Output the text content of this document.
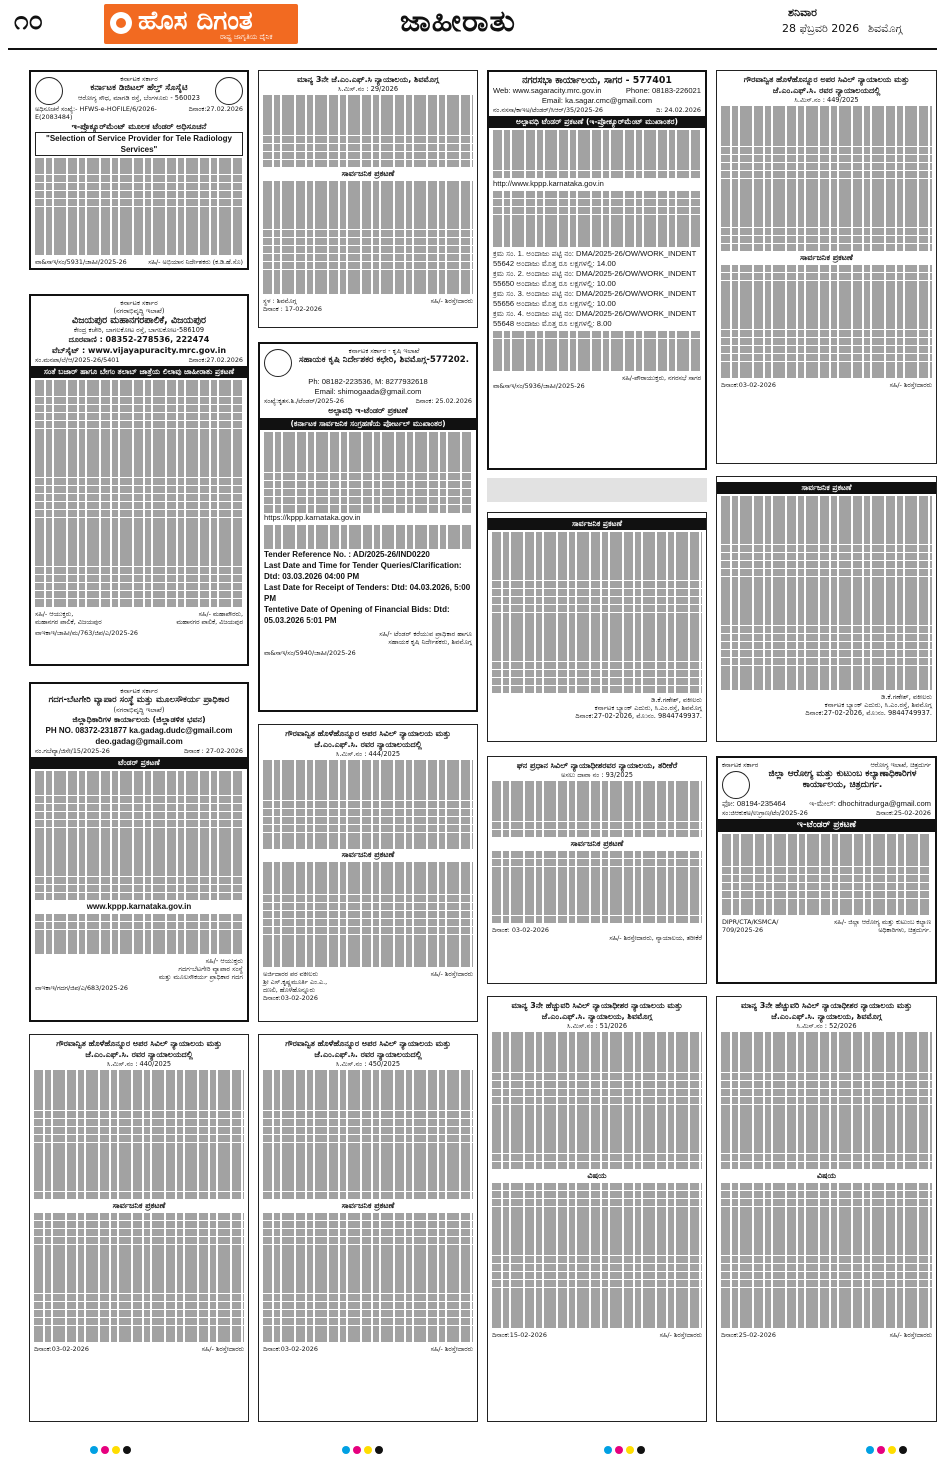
೧೦	ಹೊಸ ದಿಗಂತ
ರಾಷ್ಟ್ರ ಜಾಗೃತಿಯ ದೈನಿಕ	ಜಾಹೀರಾತು	ಶನಿವಾರ
28 ಫೆಬ್ರವರಿ 2026 ಶಿವಮೊಗ್ಗ
ಕರ್ನಾಟಕ ಸರ್ಕಾರ
ಕರ್ನಾಟಕ ಡಿಜಿಟಲ್ ಹೆಲ್ತ್ ಸೊಸೈಟಿ
ಆರೋಗ್ಯ ಸೌಧ, ಮಾಗಡಿ ರಸ್ತೆ, ಬೆಂಗಳೂರು - 560023
ಅಧಿಸೂಚನೆ ಸಂಖ್ಯೆ:- HFWS-e-HOFILE/6/2026-E(2083484)
ದಿನಾಂಕ:27.02.2026
ಇ-ಪ್ರೊಕ್ಯೂರ್‌ಮೆಂಟ್ ಮೂಲಕ ಟೆಂಡರ್ ಅಧಿಸೂಚನೆ
"Selection of Service Provider for Tele Radiology Services"
ವಾ&ಸಾಇ/ಸಂ/5931/ಜಾಹೀ/2025-26	ಸಹಿ/- ಅಭಿಯಾನ ನಿರ್ದೇಶಕರು (ಕ.ಡಿ.ಹೆ.ಸೊ)
ಕರ್ನಾಟಕ ಸರ್ಕಾರ
(ನಗರಾಭಿವೃದ್ಧಿ ಇಲಾಖೆ)
ವಿಜಯಪುರ ಮಹಾನಗರಪಾಲಿಕೆ, ವಿಜಯಪುರ
ಕೇಂದ್ರ ಕಚೇರಿ, ಬಾಗಲಕೋಟ ರಸ್ತೆ, ಬಾಗಲಕೋಟ-586109
ದೂರವಾಣಿ : 08352-278536, 222474
ವೆಬ್‌ಸೈಟ್ : www.vijayapuracity.mrc.gov.in
ಸಂ.ಮನಪಾ/ಲೆ/ಆ/2025-26/5401	ದಿನಾಂಕ:27.02.2026
ಸಂತೆ ಬಜಾರ್ ಹಾಗೂ ಬೇಗಂ ತಲಾಬ್ ಜಾತ್ರೆಯ ಲಿಲಾವು ಜಾಹೀರಾತು ಪ್ರಕಟಣೆ
ಸಹಿ/- ಆಯುಕ್ತರು,	ಸಹಿ/- ಮಹಾಪೌರರು,
ಮಹಾನಗರ ಪಾಲಿಕೆ, ವಿಜಯಪುರ	ಮಹಾನಗರ ಪಾಲಿಕೆ, ವಿಜಯಪುರ
ವಾಇಕಾಇ/ಜಾಹೀ/ಮ/763/ಜಿಪ/ಎ/2025-26
ಕರ್ನಾಟಕ ಸರ್ಕಾರ
ಗದಗ-ಬೆಟಗೇರಿ ವ್ಯಾಪಾರ ಸಂಸ್ಥೆ ಮತ್ತು ಮೂಲಸೌಕರ್ಯ ಪ್ರಾಧಿಕಾರ
(ನಗರಾಭಿವೃದ್ಧಿ ಇಲಾಖೆ)
ಜಿಲ್ಲಾಧಿಕಾರಿಗಳ ಕಾರ್ಯಾಲಯ (ಜಿಲ್ಲಾಡಳಿತ ಭವನ)
PH NO. 08372-231877 ka.gadag.dudc@gmail.com
deo.gadag@gmail.com
ನಂ.ಗಬೆವ್ಯಾ/ಜಿಸೇ/15/2025-26	ದಿನಾಂಕ : 27-02-2026
ಟೆಂಡರ್ ಪ್ರಕಟಣೆ
www.kppp.karnataka.gov.in
ಸಹಿ/- ಆಯುಕ್ತರು
ಗದಗ-ಬೆಟಗೇರಿ ವ್ಯಾಪಾರ ಸಂಸ್ಥೆ
ಮತ್ತು ಮೂಲಸೌಕರ್ಯ ಪ್ರಾಧಿಕಾರ ಗದಗ
ವಾಇಕಾಇ/ಗದಗ/ಜಿಪ/ಎ/683/2025-26
ಗೌರವಾನ್ವಿತ ಹೊಳೆಹೊನ್ನೂರ ಅಪರ ಸಿವಿಲ್ ನ್ಯಾಯಾಲಯ ಮತ್ತು ಜೆ.ಎಂ.ಎಫ್.ಸಿ. ರವರ ನ್ಯಾಯಾಲಯದಲ್ಲಿ
ಸಿ.ಮಿಸ್.ನಂ : 440/2025
ಸಾರ್ವಜನಿಕ ಪ್ರಕಟಣೆ
ದಿನಾಂಕ:03-02-2026	ಸಹಿ/- ಶಿರಸ್ತೇದಾರರು
ಮಾನ್ಯ 3ನೇ ಜೆ.ಎಂ.ಎಫ್.ಸಿ ನ್ಯಾಯಾಲಯ, ಶಿವಮೊಗ್ಗ
ಸಿ.ಮಿಸ್.ನಂ : 29/2026
ಸಾರ್ವಜನಿಕ ಪ್ರಕಟಣೆ
ಸ್ಥಳ : ಶಿವಮೊಗ್ಗ	ಸಹಿ/- ಶಿರಸ್ತೇದಾರರು
ದಿನಾಂಕ : 17-02-2026
ಕರ್ನಾಟಕ ಸರ್ಕಾರ - ಕೃಷಿ ಇಲಾಖೆ
ಸಹಾಯಕ ಕೃಷಿ ನಿರ್ದೇಶಕರ ಕಛೇರಿ, ಶಿವಮೊಗ್ಗ-577202.
Ph: 08182-223536, M: 8277932618
Email: shimogaada@gmail.com
ಸಂಖ್ಯೆ:ಕೃತಸ.ಶಿ./ಟೆಂಡರ್/2025-26	ದಿನಾಂಕ: 25.02.2026
ಅಲ್ಪಾವಧಿ ಇ-ಟೆಂಡರ್ ಪ್ರಕಟಣೆ
(ಕರ್ನಾಟಕ ಸಾರ್ವಜನಿಕ ಸಂಗ್ರಹಣೆಯ ಪೋರ್ಟಲ್ ಮುಖಾಂತರ)
https://kppp.karnataka.gov.in
Tender Reference No. : AD/2025-26/IND0220
Last Date and Time for Tender Queries/Clarification: Dtd: 03.03.2026 04:00 PM
Last Date for Receipt of Tenders: Dtd: 04.03.2026, 5:00 PM
Tentetive Date of Opening of Financial Bids: Dtd: 05.03.2026 5:01 PM
ಸಹಿ/- ಟೆಂಡರ್ ಕರೆಯುವ ಪ್ರಾಧಿಕಾರ ಹಾಗೂ
ಸಹಾಯಕ ಕೃಷಿ ನಿರ್ದೇಶಕರು, ಶಿವಮೊಗ್ಗ
ವಾ&ಸಾಇ/ಸಂ/5940/ಜಾಹೀ/2025-26
ಗೌರವಾನ್ವಿತ ಹೊಳೆಹೊನ್ನೂರ ಅಪರ ಸಿವಿಲ್ ನ್ಯಾಯಾಲಯ ಮತ್ತು ಜೆ.ಎಂ.ಎಫ್.ಸಿ. ರವರ ನ್ಯಾಯಾಲಯದಲ್ಲಿ
ಸಿ.ಮಿಸ್.ನಂ : 444/2025
ಸಾರ್ವಜನಿಕ ಪ್ರಕಟಣೆ
ಅರ್ಜಿದಾರರ ಪರ ವಕೀಲರು	ಸಹಿ/- ಶಿರಸ್ತೇದಾರರು
ಶ್ರೀ ಎಸ್.ಕೃಷ್ಣಮೂರ್ತಿ ಎಂ.ಎ.,
ದಣಲಿ, ಹೊಳೆಹೊನ್ನೂರು
ದಿನಾಂಕ:03-02-2026
ಗೌರವಾನ್ವಿತ ಹೊಳೆಹೊನ್ನೂರ ಅಪರ ಸಿವಿಲ್ ನ್ಯಾಯಾಲಯ ಮತ್ತು ಜೆ.ಎಂ.ಎಫ್.ಸಿ. ರವರ ನ್ಯಾಯಾಲಯದಲ್ಲಿ
ಸಿ.ಮಿಸ್.ನಂ : 450/2025
ಸಾರ್ವಜನಿಕ ಪ್ರಕಟಣೆ
ದಿನಾಂಕ:03-02-2026	ಸಹಿ/- ಶಿರಸ್ತೇದಾರರು
ನಗರಸಭಾ ಕಾರ್ಯಾಲಯ, ಸಾಗರ - 577401
Web: www.sagaracity.mrc.gov.in	Phone: 08183-226021
Email: ka.sagar.cmc@gmail.com
ನಂ.ನಸಸಾ/ಕಾಇಅ/ಟೆಂಡರ್/ಸಿಆರ್/35/2025-26	ದಿ: 24.02.2026
ಅಲ್ಪಾವಧಿ ಟೆಂಡರ್ ಪ್ರಕಟಣೆ (ಇ-ಪ್ರೋಕ್ಯೂರ್‌ಮೆಂಟ್ ಮುಖಾಂತರ)
http://www.kppp.karnataka.gov.in
ಕ್ರಮ ಸಂ. 1. ಅಂದಾಜು ಪಟ್ಟಿ ನಂ: DMA/2025-26/OW/WORK_INDENT 55642 ಅಂದಾಜು ಮೊತ್ತ ರೂ ಲಕ್ಷಗಳಲ್ಲಿ: 14.00
ಕ್ರಮ ಸಂ. 2. ಅಂದಾಜು ಪಟ್ಟಿ ನಂ: DMA/2025-26/OW/WORK_INDENT 55650 ಅಂದಾಜು ಮೊತ್ತ ರೂ ಲಕ್ಷಗಳಲ್ಲಿ: 10.00
ಕ್ರಮ ಸಂ. 3. ಅಂದಾಜು ಪಟ್ಟಿ ನಂ: DMA/2025-26/OW/WORK_INDENT 55656 ಅಂದಾಜು ಮೊತ್ತ ರೂ ಲಕ್ಷಗಳಲ್ಲಿ: 10.00
ಕ್ರಮ ಸಂ. 4. ಅಂದಾಜು ಪಟ್ಟಿ ನಂ: DMA/2025-26/OW/WORK_INDENT 55648 ಅಂದಾಜು ಮೊತ್ತ ರೂ ಲಕ್ಷಗಳಲ್ಲಿ: 8.00
ಸಹಿ/-ಪೌರಾಯುಕ್ತರು, ನಗರಸಭೆ ಸಾಗರ
ವಾ&ಸಾಇ/ಸಂ/5936/ಜಾಹೀ/2025-26
ಸಾರ್ವಜನಿಕ ಪ್ರಕಟಣೆ
ಡಿ.ಕೆ.ಗಣೇಶ್, ವಕೀಲರು
ಕರ್ನಾಟಕ ಬ್ಯಾಂಕ್ ಎದುರು, ಸಿ.ಎಂ.ರಸ್ತೆ, ಶಿವಮೊಗ್ಗ
ದಿನಾಂಕ:27-02-2026, ಮೊ:ನಂ. 9844749937.
ಘನ ಪ್ರಧಾನ ಸಿವಿಲ್ ನ್ಯಾಯಾಧೀಶರವರ ನ್ಯಾಯಾಲಯ, ತರೀಕೆರೆ
ಅಸಲು ದಾವಾ ನಂ : 93/2025
ಸಾರ್ವಜನಿಕ ಪ್ರಕಟಣೆ
ದಿನಾಂಕ: 03-02-2026
ಸಹಿ/- ಶಿರಸ್ತೇದಾರರು, ನ್ಯಾಯಾಲಯ, ತರೀಕೆರೆ
ಮಾನ್ಯ 3ನೇ ಹೆಚ್ಚುವರಿ ಸಿವಿಲ್ ನ್ಯಾಯಾಧೀಶರ ನ್ಯಾಯಾಲಯ ಮತ್ತು ಜೆ.ಎಂ.ಎಫ್.ಸಿ. ನ್ಯಾಯಾಲಯ, ಶಿವಮೊಗ್ಗ
ಸಿ.ಮಿಸ್.ನಂ : 51/2026
ವಿಷಯ
ದಿನಾಂಕ:15-02-2026	ಸಹಿ/- ಶಿರಸ್ತೇದಾರರು
ಗೌರವಾನ್ವಿತ ಹೊಳೆಹೊನ್ನೂರ ಅಪರ ಸಿವಿಲ್ ನ್ಯಾಯಾಲಯ ಮತ್ತು ಜೆ.ಎಂ.ಎಫ್.ಸಿ. ರವರ ನ್ಯಾಯಾಲಯದಲ್ಲಿ
ಸಿ.ಮಿಸ್.ನಂ : 449/2025
ಸಾರ್ವಜನಿಕ ಪ್ರಕಟಣೆ
ದಿನಾಂಕ:03-02-2026	ಸಹಿ/- ಶಿರಸ್ತೇದಾರರು
ಸಾರ್ವಜನಿಕ ಪ್ರಕಟಣೆ
ಡಿ.ಕೆ.ಗಣೇಶ್, ವಕೀಲರು
ಕರ್ನಾಟಕ ಬ್ಯಾಂಕ್ ಎದುರು, ಸಿ.ಎಂ.ರಸ್ತೆ, ಶಿವಮೊಗ್ಗ
ದಿನಾಂಕ:27-02-2026, ಮೊ:ನಂ. 9844749937.
ಕರ್ನಾಟಕ ಸರ್ಕಾರ	ಆರೋಗ್ಯ ಇಲಾಖೆ, ಚಿತ್ರದುರ್ಗ
ಜಿಲ್ಲಾ ಆರೋಗ್ಯ ಮತ್ತು ಕುಟುಂಬ ಕಲ್ಯಾಣಾಧಿಕಾರಿಗಳ ಕಾರ್ಯಾಲಯ, ಚಿತ್ರದುರ್ಗ.
ಫೋ: 08194-235464	ಇ-ಮೇಲ್: dhochitradurga@gmail.com
ಸಂ:ಜಿಆಕುಕಅ/ಉಗ್ರಾಣ/ಟೆಂ/2025-26	ದಿನಾಂಕ:25-02-2026
ಇ-ಟೆಂಡರ್ ಪ್ರಕಟಣೆ
DIPR/CTA/KSMCA/ 709/2025-26
ಸಹಿ/- ಜಿಲ್ಲಾ ಆರೋಗ್ಯ ಮತ್ತು ಕುಟುಂಬ ಕಲ್ಯಾಣ ಅಧಿಕಾರಿಗಳು, ಚಿತ್ರದುರ್ಗ.
ಮಾನ್ಯ 3ನೇ ಹೆಚ್ಚುವರಿ ಸಿವಿಲ್ ನ್ಯಾಯಾಧೀಶರ ನ್ಯಾಯಾಲಯ ಮತ್ತು ಜೆ.ಎಂ.ಎಫ್.ಸಿ. ನ್ಯಾಯಾಲಯ, ಶಿವಮೊಗ್ಗ
ಸಿ.ಮಿಸ್.ನಂ : 52/2026
ವಿಷಯ
ದಿನಾಂಕ:25-02-2026	ಸಹಿ/- ಶಿರಸ್ತೇದಾರರು
